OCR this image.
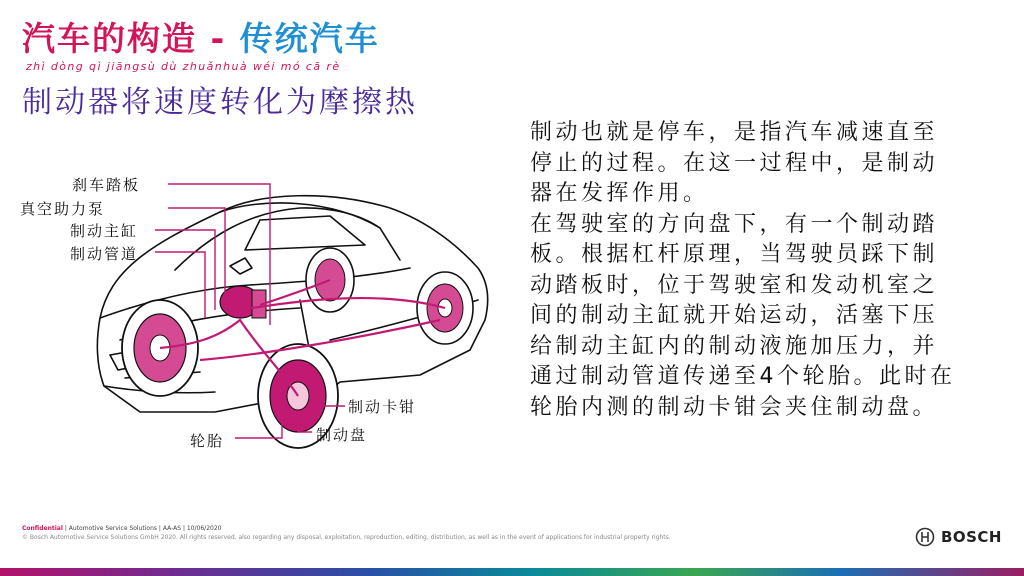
汽车的构造 - 传统汽车
zhì dòng qì jiāngsù dù zhuǎnhuà wéi mó cā rè
制动器将速度转化为摩擦热
刹车踏板
真空助力泵
制动主缸
制动管道
制动卡钳
制动盘
轮胎

制动也就是停车，是指汽车减速直至停止的过程。在这一过程中，是制动器在发挥作用。

在驾驶室的方向盘下，有一个制动踏板。根据杠杆原理，当驾驶员踩下制动踏板时，位于驾驶室和发动机室之间的制动主缸就开始运动，活塞下压给制动主缸内的制动液施加压力，并通过制动管道传递至4个轮胎。此时在轮胎内测的制动卡钳会夹住制动盘。

Confidential | Automotive Service Solutions | AA-AS | 10/06/2020
© Bosch Automotive Service Solutions GmbH 2020. All rights reserved, also regarding any disposal, exploitation, reproduction, editing, distribution, as well as in the event of applications for industrial property rights.	BOSCH
